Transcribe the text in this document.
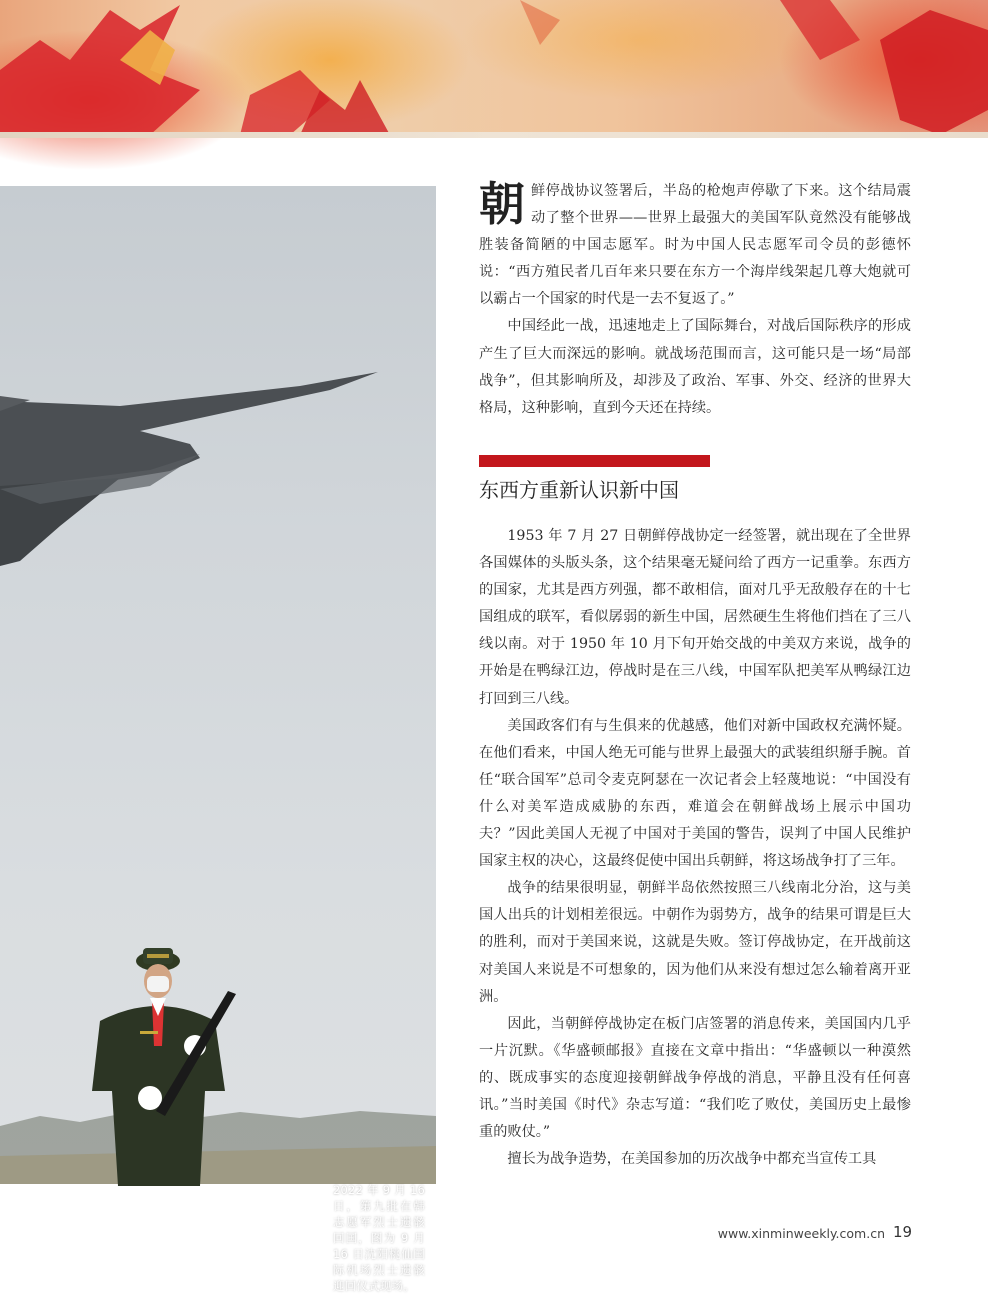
2022 年 9 月 16 日，第九批在韩志愿军烈士遗骸回国，图为 9 月 16 日沈阳桃仙国际机场烈士遗骸迎回仪式现场。

朝鲜停战协议签署后，半岛的枪炮声停歇了下来。这个结局震动了整个世界——世界上最强大的美国军队竟然没有能够战胜装备简陋的中国志愿军。时为中国人民志愿军司令员的彭德怀说：“西方殖民者几百年来只要在东方一个海岸线架起几尊大炮就可以霸占一个国家的时代是一去不复返了。”

中国经此一战，迅速地走上了国际舞台，对战后国际秩序的形成产生了巨大而深远的影响。就战场范围而言，这可能只是一场“局部战争”，但其影响所及，却涉及了政治、军事、外交、经济的世界大格局，这种影响，直到今天还在持续。

东西方重新认识新中国

1953 年 7 月 27 日朝鲜停战协定一经签署，就出现在了全世界各国媒体的头版头条，这个结果毫无疑问给了西方一记重拳。东西方的国家，尤其是西方列强，都不敢相信，面对几乎无敌般存在的十七国组成的联军，看似孱弱的新生中国，居然硬生生将他们挡在了三八线以南。对于 1950 年 10 月下旬开始交战的中美双方来说，战争的开始是在鸭绿江边，停战时是在三八线，中国军队把美军从鸭绿江边打回到三八线。

美国政客们有与生俱来的优越感，他们对新中国政权充满怀疑。在他们看来，中国人绝无可能与世界上最强大的武装组织掰手腕。首任“联合国军”总司令麦克阿瑟在一次记者会上轻蔑地说：“中国没有什么对美军造成威胁的东西，难道会在朝鲜战场上展示中国功夫？”因此美国人无视了中国对于美国的警告，误判了中国人民维护国家主权的决心，这最终促使中国出兵朝鲜，将这场战争打了三年。

战争的结果很明显，朝鲜半岛依然按照三八线南北分治，这与美国人出兵的计划相差很远。中朝作为弱势方，战争的结果可谓是巨大的胜利，而对于美国来说，这就是失败。签订停战协定，在开战前这对美国人来说是不可想象的，因为他们从来没有想过怎么输着离开亚洲。

因此，当朝鲜停战协定在板门店签署的消息传来，美国国内几乎一片沉默。《华盛顿邮报》直接在文章中指出：“华盛顿以一种漠然的、既成事实的态度迎接朝鲜战争停战的消息，平静且没有任何喜讯。”当时美国《时代》杂志写道：“我们吃了败仗，美国历史上最惨重的败仗。”

擅长为战争造势，在美国参加的历次战争中都充当宣传工具

www.xinminweekly.com.cn 19
